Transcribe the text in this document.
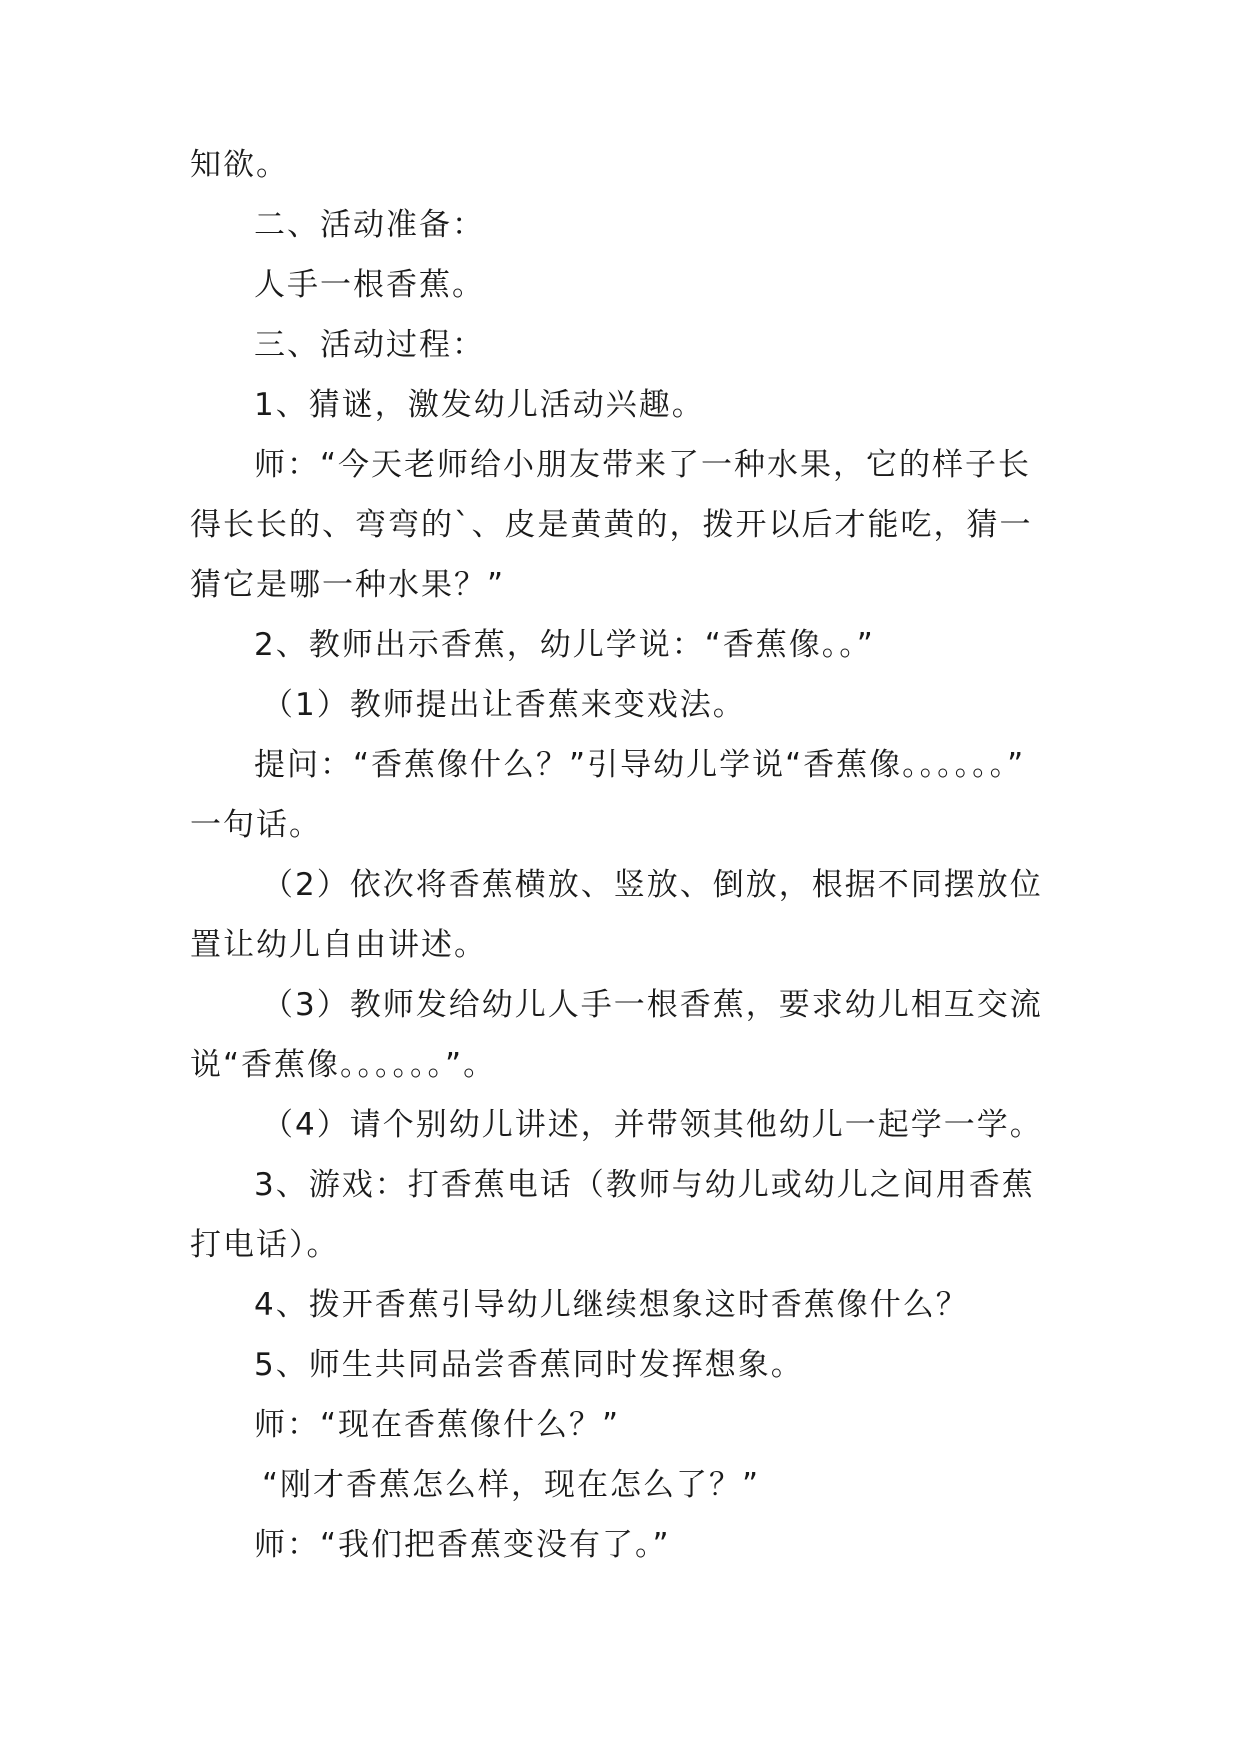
知欲。

二、活动准备：

人手一根香蕉。

三、活动过程：

1、猜谜，激发幼儿活动兴趣。

师：“今天老师给小朋友带来了一种水果，它的样子长

得长长的、弯弯的`、皮是黄黄的，拨开以后才能吃，猜一

猜它是哪一种水果？”

2、教师出示香蕉，幼儿学说：“香蕉像。。”

（1）教师提出让香蕉来变戏法。

提问：“香蕉像什么？”引导幼儿学说“香蕉像。。。。。。”

一句话。

（2）依次将香蕉横放、竖放、倒放，根据不同摆放位

置让幼儿自由讲述。

（3）教师发给幼儿人手一根香蕉，要求幼儿相互交流

说“香蕉像。。。。。。”。

（4）请个别幼儿讲述，并带领其他幼儿一起学一学。

3、游戏：打香蕉电话（教师与幼儿或幼儿之间用香蕉

打电话）。

4、拨开香蕉引导幼儿继续想象这时香蕉像什么？

5、师生共同品尝香蕉同时发挥想象。

师：“现在香蕉像什么？”

“刚才香蕉怎么样，现在怎么了？”

师：“我们把香蕉变没有了。”
